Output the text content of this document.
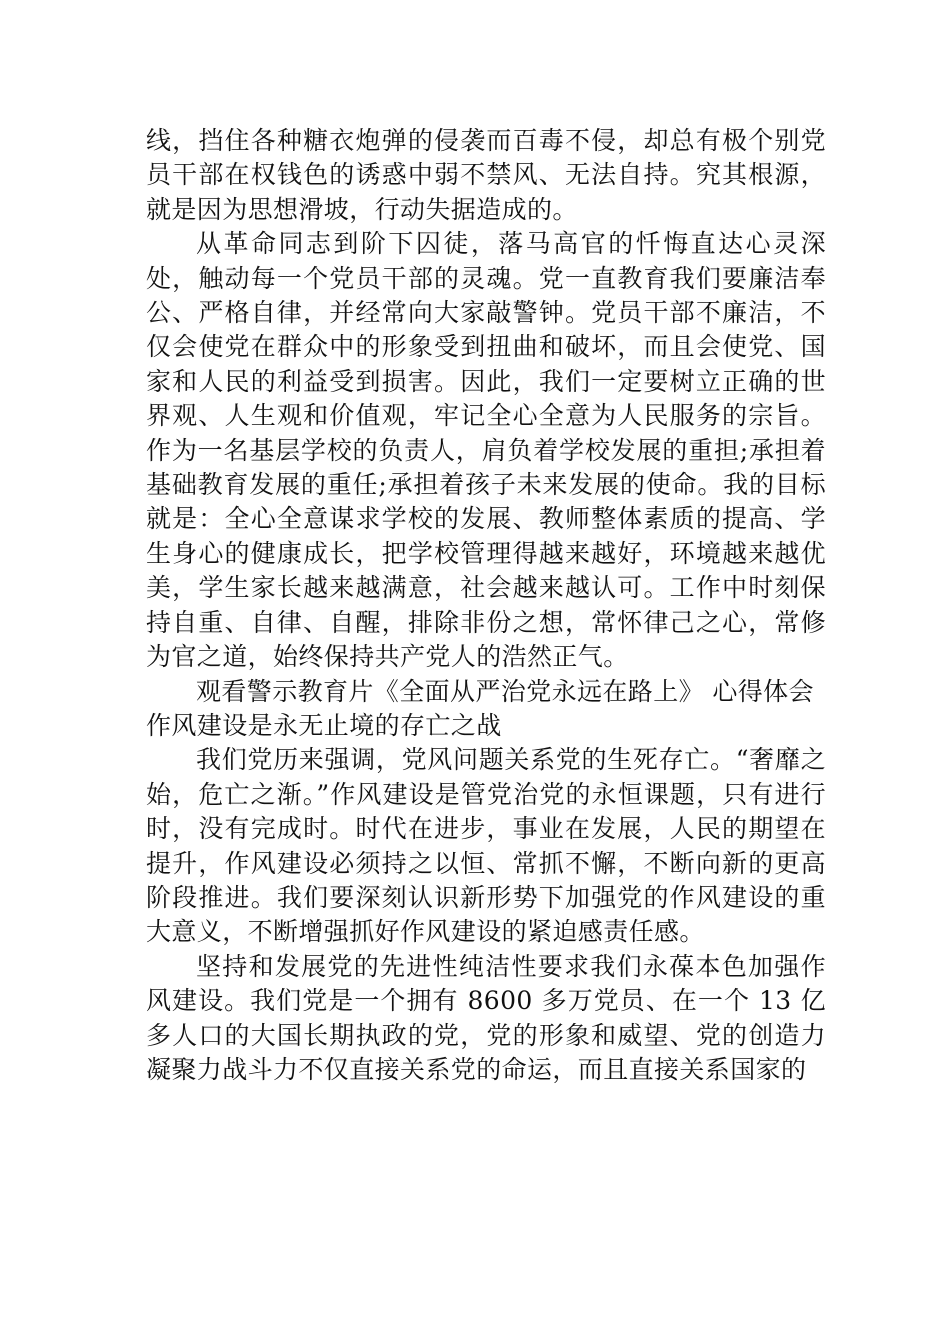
线，挡住各种糖衣炮弹的侵袭而百毒不侵，却总有极个别党员干部在权钱色的诱惑中弱不禁风、无法自持。究其根源，就是因为思想滑坡，行动失据造成的。

从革命同志到阶下囚徒，落马高官的忏悔直达心灵深处，触动每一个党员干部的灵魂。党一直教育我们要廉洁奉公、严格自律，并经常向大家敲警钟。党员干部不廉洁，不仅会使党在群众中的形象受到扭曲和破坏，而且会使党、国家和人民的利益受到损害。因此，我们一定要树立正确的世界观、人生观和价值观，牢记全心全意为人民服务的宗旨。作为一名基层学校的负责人，肩负着学校发展的重担;承担着基础教育发展的重任;承担着孩子未来发展的使命。我的目标就是：全心全意谋求学校的发展、教师整体素质的提高、学生身心的健康成长，把学校管理得越来越好，环境越来越优美，学生家长越来越满意，社会越来越认可。工作中时刻保持自重、自律、自醒，排除非份之想，常怀律己之心，常修为官之道，始终保持共产党人的浩然正气。

观看警示教育片《全面从严治党永远在路上》 心得体会

作风建设是永无止境的存亡之战

我们党历来强调，党风问题关系党的生死存亡。“奢靡之始，危亡之渐。”作风建设是管党治党的永恒课题，只有进行时，没有完成时。时代在进步，事业在发展，人民的期望在提升，作风建设必须持之以恒、常抓不懈，不断向新的更高阶段推进。我们要深刻认识新形势下加强党的作风建设的重大意义，不断增强抓好作风建设的紧迫感责任感。

坚持和发展党的先进性纯洁性要求我们永葆本色加强作风建设。我们党是一个拥有 8600 多万党员、在一个 13 亿多人口的大国长期执政的党，党的形象和威望、党的创造力凝聚力战斗力不仅直接关系党的命运，而且直接关系国家的
